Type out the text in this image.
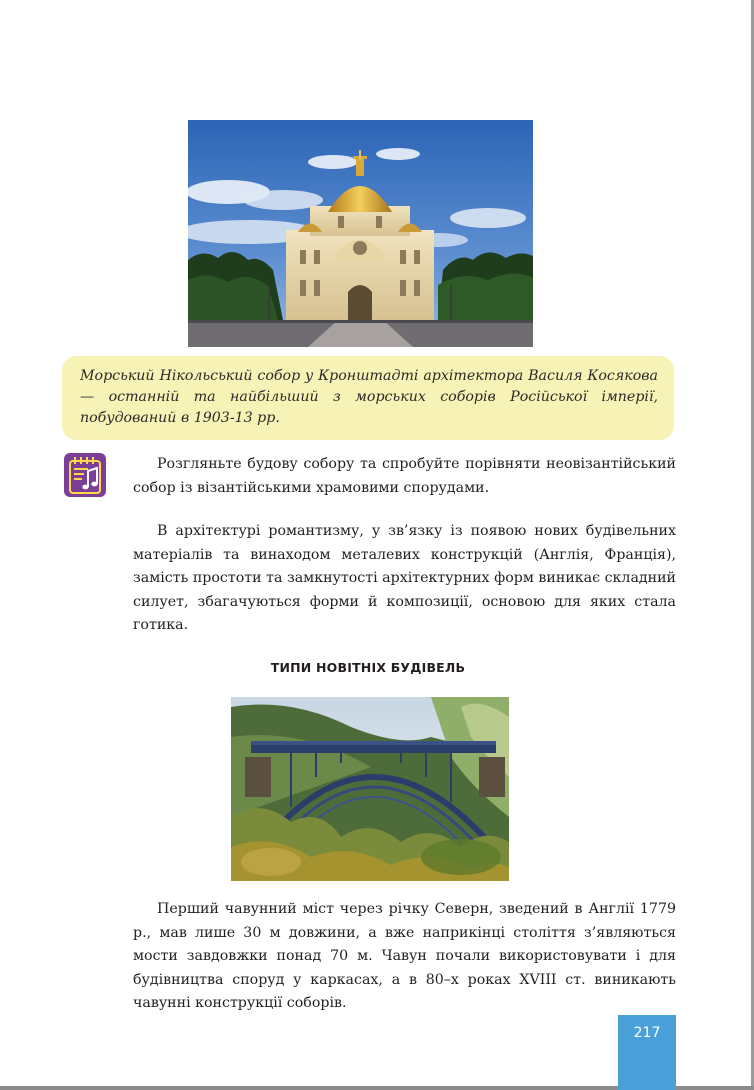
Морський Нікольський собор у Кронштадті архітектора Василя Косякова — останній та найбільший з морських соборів Російської імперії, побудований в 1903-13 рр.
Розгляньте будову собору та спробуйте порівняти неовізантійський собор із візантійськими храмовими спорудами.
В архітектурі романтизму, у зв’язку із появою нових будівельних матеріалів та винаходом металевих конструкцій (Англія, Франція), замість простоти та замкнутості архітектурних форм виникає складний силует, збагачуються форми й композиції, основою для яких стала готика.
ТИПИ НОВІТНІХ БУДІВЕЛЬ
Перший чавунний міст через річку Северн, зведений в Англії 1779 р., мав лише 30 м довжини, а вже наприкінці століття з’являються мости завдовжки понад 70 м. Чавун почали використовувати і для будівництва споруд у каркасах, а в 80–х роках XVIII ст. виникають чавунні конструкції соборів.
217
